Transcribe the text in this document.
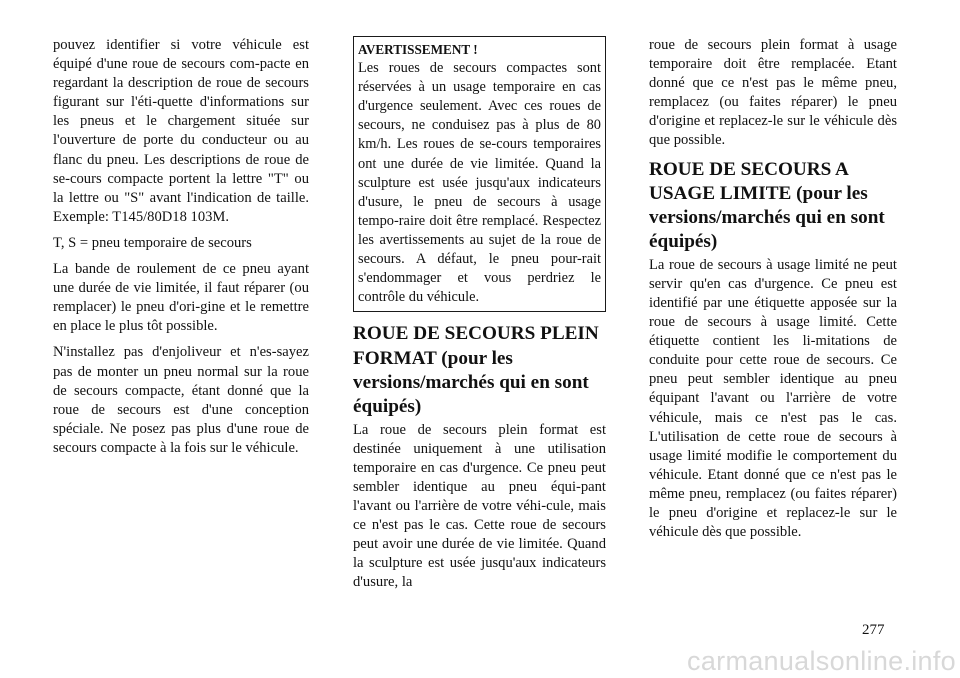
pouvez identifier si votre véhicule est équipé d'une roue de secours com-pacte en regardant la description de roue de secours figurant sur l'éti-quette d'informations sur les pneus et le chargement située sur l'ouverture de porte du conducteur ou au flanc du pneu. Les descriptions de roue de se-cours compacte portent la lettre "T" ou la lettre ou "S" avant l'indication de taille. Exemple: T145/80D18 103M.

T, S = pneu temporaire de secours

La bande de roulement de ce pneu ayant une durée de vie limitée, il faut réparer (ou remplacer) le pneu d'ori-gine et le remettre en place le plus tôt possible.

N'installez pas d'enjoliveur et n'es-sayez pas de monter un pneu normal sur la roue de secours compacte, étant donné que la roue de secours est d'une conception spéciale. Ne posez pas plus d'une roue de secours compacte à la fois sur le véhicule.

AVERTISSEMENT !
Les roues de secours compactes sont réservées à un usage temporaire en cas d'urgence seulement. Avec ces roues de secours, ne conduisez pas à plus de 80 km/h. Les roues de se-cours temporaires ont une durée de vie limitée. Quand la sculpture est usée jusqu'aux indicateurs d'usure, le pneu de secours à usage tempo-raire doit être remplacé. Respectez les avertissements au sujet de la roue de secours. A défaut, le pneu pour-rait s'endommager et vous perdriez le contrôle du véhicule.
ROUE DE SECOURS PLEIN FORMAT (pour les versions/marchés qui en sont équipés)

La roue de secours plein format est destinée uniquement à une utilisation temporaire en cas d'urgence. Ce pneu peut sembler identique au pneu équi-pant l'avant ou l'arrière de votre véhi-cule, mais ce n'est pas le cas. Cette roue de secours peut avoir une durée de vie limitée. Quand la sculpture est usée jusqu'aux indicateurs d'usure, la

roue de secours plein format à usage temporaire doit être remplacée. Etant donné que ce n'est pas le même pneu, remplacez (ou faites réparer) le pneu d'origine et replacez-le sur le véhicule dès que possible.

ROUE DE SECOURS A USAGE LIMITE (pour les versions/marchés qui en sont équipés)

La roue de secours à usage limité ne peut servir qu'en cas d'urgence. Ce pneu est identifié par une étiquette apposée sur la roue de secours à usage limité. Cette étiquette contient les li-mitations de conduite pour cette roue de secours. Ce pneu peut sembler identique au pneu équipant l'avant ou l'arrière de votre véhicule, mais ce n'est pas le cas. L'utilisation de cette roue de secours à usage limité modifie le comportement du véhicule. Etant donné que ce n'est pas le même pneu, remplacez (ou faites réparer) le pneu d'origine et replacez-le sur le véhicule dès que possible.

277
carmanualsonline.info
